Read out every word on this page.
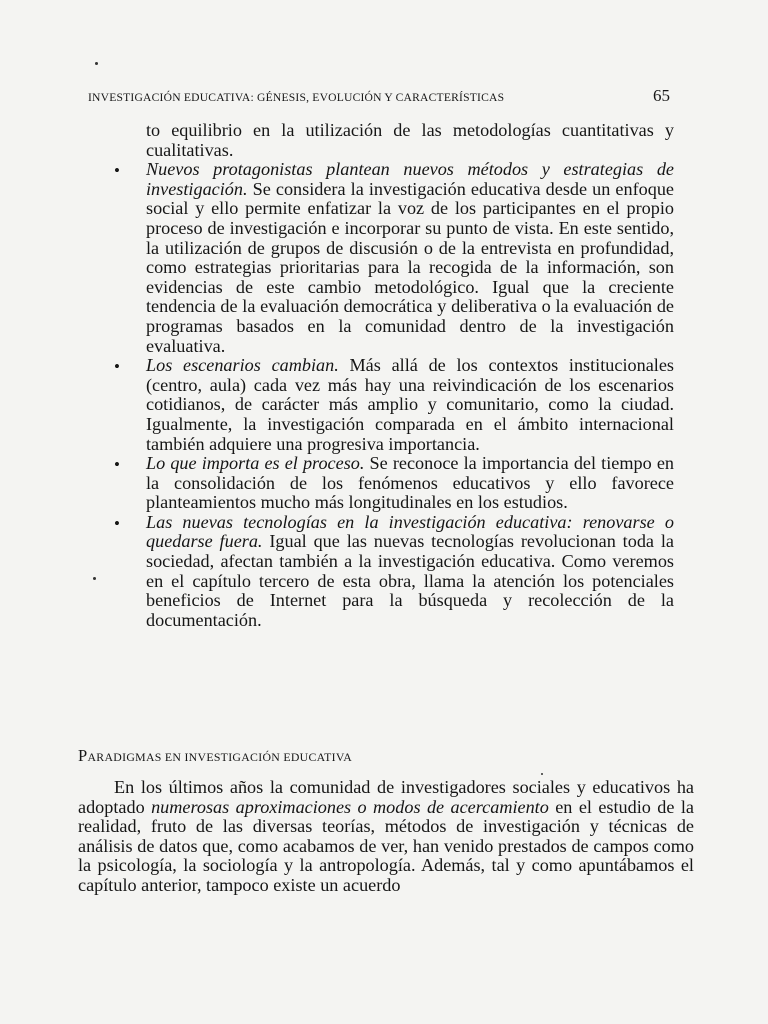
INVESTIGACIÓN EDUCATIVA: GÉNESIS, EVOLUCIÓN Y CARACTERÍSTICAS	65

to equilibrio en la utilización de las metodologías cuantitativas y cualitativas.

• Nuevos protagonistas plantean nuevos métodos y estrategias de investigación. Se considera la investigación educativa desde un enfoque social y ello permite enfatizar la voz de los participantes en el propio proceso de investigación e incorporar su punto de vista. En este sentido, la utilización de grupos de discusión o de la entrevista en profundidad, como estrategias prioritarias para la recogida de la información, son evidencias de este cambio metodológico. Igual que la creciente tendencia de la evaluación democrática y deliberativa o la evaluación de programas basados en la comunidad dentro de la investigación evaluativa.
• Los escenarios cambian. Más allá de los contextos institucionales (centro, aula) cada vez más hay una reivindicación de los escenarios cotidianos, de carácter más amplio y comunitario, como la ciudad. Igualmente, la investigación comparada en el ámbito internacional también adquiere una progresiva importancia.
• Lo que importa es el proceso. Se reconoce la importancia del tiempo en la consolidación de los fenómenos educativos y ello favorece planteamientos mucho más longitudinales en los estudios.
• Las nuevas tecnologías en la investigación educativa: renovarse o quedarse fuera. Igual que las nuevas tecnologías revolucionan toda la sociedad, afectan también a la investigación educativa. Como veremos en el capítulo tercero de esta obra, llama la atención los potenciales beneficios de Internet para la búsqueda y recolección de la documentación.
PARADIGMAS EN INVESTIGACIÓN EDUCATIVA

En los últimos años la comunidad de investigadores sociales y educativos ha adoptado numerosas aproximaciones o modos de acercamiento en el estudio de la realidad, fruto de las diversas teorías, métodos de investigación y técnicas de análisis de datos que, como acabamos de ver, han venido prestados de campos como la psicología, la sociología y la antropología. Además, tal y como apuntábamos el capítulo anterior, tampoco existe un acuerdo
